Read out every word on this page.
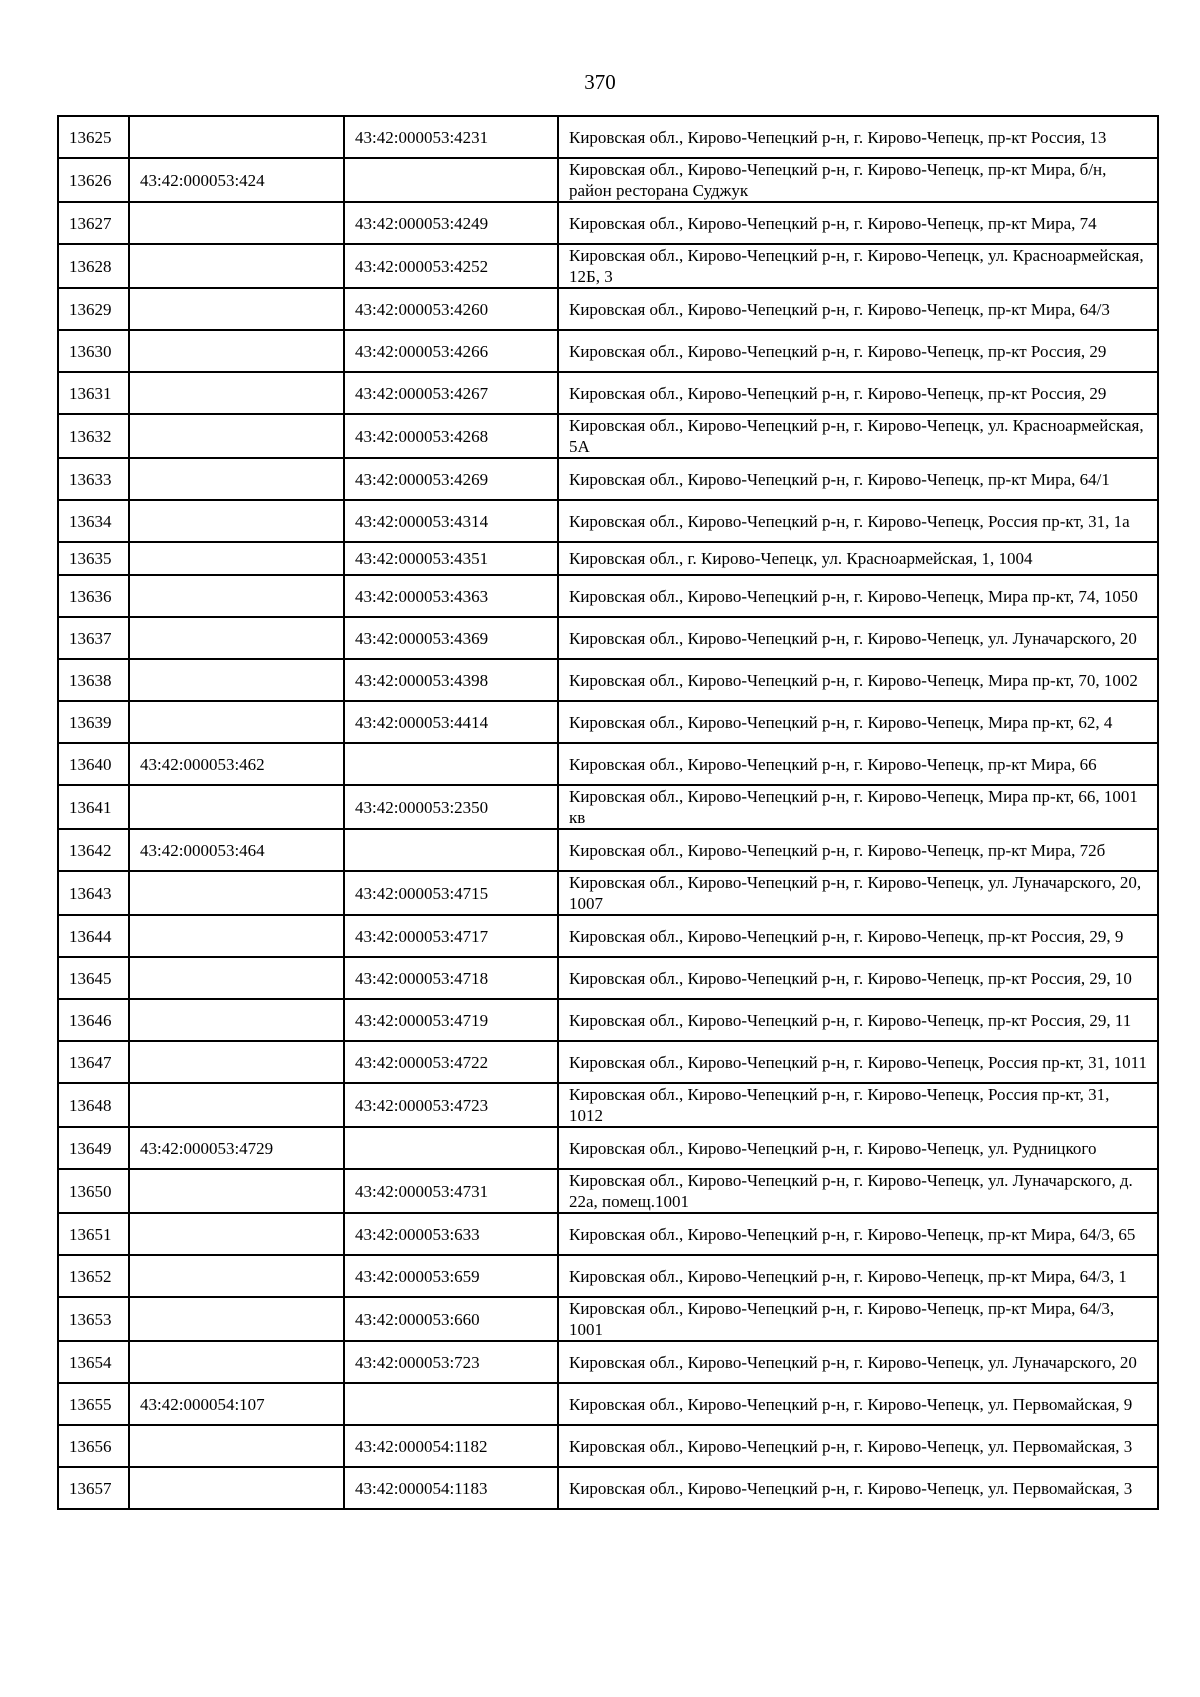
370
13625		43:42:000053:4231	Кировская обл., Кирово-Чепецкий р-н, г. Кирово-Чепецк, пр-кт Россия, 13
13626	43:42:000053:424		Кировская обл., Кирово-Чепецкий р-н, г. Кирово-Чепецк, пр-кт Мира, б/н, район ресторана Суджук
13627		43:42:000053:4249	Кировская обл., Кирово-Чепецкий р-н, г. Кирово-Чепецк, пр-кт Мира, 74
13628		43:42:000053:4252	Кировская обл., Кирово-Чепецкий р-н, г. Кирово-Чепецк, ул. Красноармейская, 12Б, 3
13629		43:42:000053:4260	Кировская обл., Кирово-Чепецкий р-н, г. Кирово-Чепецк, пр-кт Мира, 64/3
13630		43:42:000053:4266	Кировская обл., Кирово-Чепецкий р-н, г. Кирово-Чепецк, пр-кт Россия, 29
13631		43:42:000053:4267	Кировская обл., Кирово-Чепецкий р-н, г. Кирово-Чепецк, пр-кт Россия, 29
13632		43:42:000053:4268	Кировская обл., Кирово-Чепецкий р-н, г. Кирово-Чепецк, ул. Красноармейская, 5А
13633		43:42:000053:4269	Кировская обл., Кирово-Чепецкий р-н, г. Кирово-Чепецк, пр-кт Мира, 64/1
13634		43:42:000053:4314	Кировская обл., Кирово-Чепецкий р-н, г. Кирово-Чепецк, Россия пр-кт, 31, 1а
13635		43:42:000053:4351	Кировская обл., г. Кирово-Чепецк, ул. Красноармейская, 1, 1004
13636		43:42:000053:4363	Кировская обл., Кирово-Чепецкий р-н, г. Кирово-Чепецк, Мира пр-кт, 74, 1050
13637		43:42:000053:4369	Кировская обл., Кирово-Чепецкий р-н, г. Кирово-Чепецк, ул. Луначарского, 20
13638		43:42:000053:4398	Кировская обл., Кирово-Чепецкий р-н, г. Кирово-Чепецк, Мира пр-кт, 70, 1002
13639		43:42:000053:4414	Кировская обл., Кирово-Чепецкий р-н, г. Кирово-Чепецк, Мира пр-кт, 62, 4
13640	43:42:000053:462		Кировская обл., Кирово-Чепецкий р-н, г. Кирово-Чепецк, пр-кт Мира, 66
13641		43:42:000053:2350	Кировская обл., Кирово-Чепецкий р-н, г. Кирово-Чепецк, Мира пр-кт, 66, 1001 кв
13642	43:42:000053:464		Кировская обл., Кирово-Чепецкий р-н, г. Кирово-Чепецк, пр-кт Мира, 72б
13643		43:42:000053:4715	Кировская обл., Кирово-Чепецкий р-н, г. Кирово-Чепецк, ул. Луначарского, 20, 1007
13644		43:42:000053:4717	Кировская обл., Кирово-Чепецкий р-н, г. Кирово-Чепецк, пр-кт Россия, 29, 9
13645		43:42:000053:4718	Кировская обл., Кирово-Чепецкий р-н, г. Кирово-Чепецк, пр-кт Россия, 29, 10
13646		43:42:000053:4719	Кировская обл., Кирово-Чепецкий р-н, г. Кирово-Чепецк, пр-кт Россия, 29, 11
13647		43:42:000053:4722	Кировская обл., Кирово-Чепецкий р-н, г. Кирово-Чепецк, Россия пр-кт, 31, 1011
13648		43:42:000053:4723	Кировская обл., Кирово-Чепецкий р-н, г. Кирово-Чепецк, Россия пр-кт, 31, 1012
13649	43:42:000053:4729		Кировская обл., Кирово-Чепецкий р-н, г. Кирово-Чепецк, ул. Рудницкого
13650		43:42:000053:4731	Кировская обл., Кирово-Чепецкий р-н, г. Кирово-Чепецк, ул. Луначарского, д. 22а, помещ.1001
13651		43:42:000053:633	Кировская обл., Кирово-Чепецкий р-н, г. Кирово-Чепецк, пр-кт Мира, 64/3, 65
13652		43:42:000053:659	Кировская обл., Кирово-Чепецкий р-н, г. Кирово-Чепецк, пр-кт Мира, 64/3, 1
13653		43:42:000053:660	Кировская обл., Кирово-Чепецкий р-н, г. Кирово-Чепецк, пр-кт Мира, 64/3, 1001
13654		43:42:000053:723	Кировская обл., Кирово-Чепецкий р-н, г. Кирово-Чепецк, ул. Луначарского, 20
13655	43:42:000054:107		Кировская обл., Кирово-Чепецкий р-н, г. Кирово-Чепецк, ул. Первомайская, 9
13656		43:42:000054:1182	Кировская обл., Кирово-Чепецкий р-н, г. Кирово-Чепецк, ул. Первомайская, 3
13657		43:42:000054:1183	Кировская обл., Кирово-Чепецкий р-н, г. Кирово-Чепецк, ул. Первомайская, 3
